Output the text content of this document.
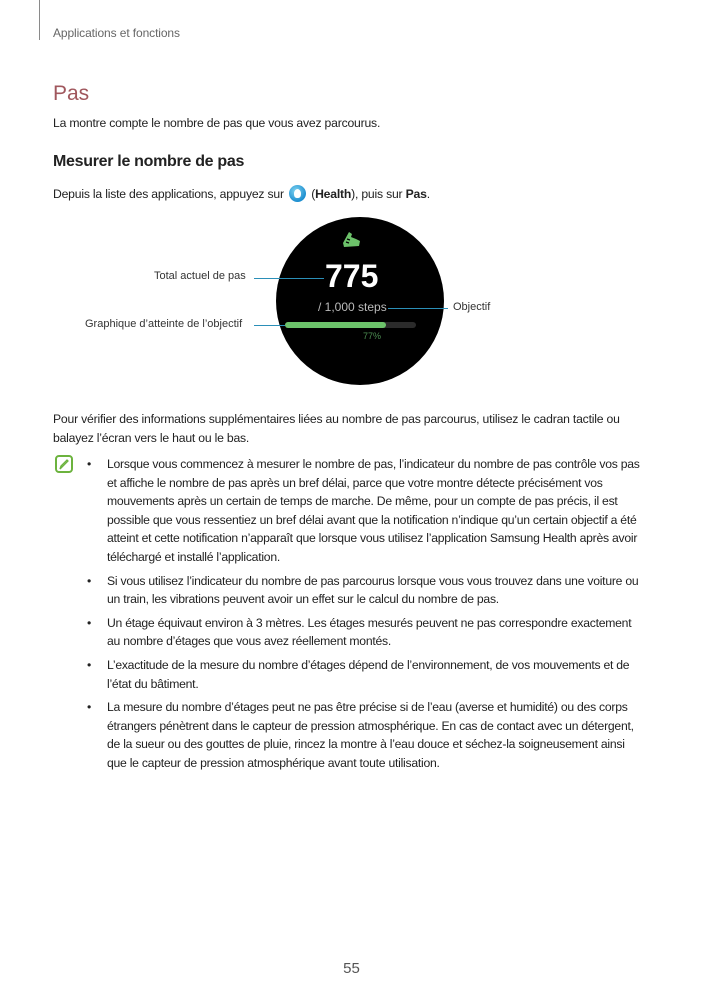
Applications et fonctions
Pas
La montre compte le nombre de pas que vous avez parcourus.
Mesurer le nombre de pas
Depuis la liste des applications, appuyez sur  (Health), puis sur Pas.
775
/ 1,000 steps
77%
Total actuel de pas
Graphique d’atteinte de l’objectif
Objectif
Pour vérifier des informations supplémentaires liées au nombre de pas parcourus, utilisez le cadran tactile ou balayez l’écran vers le haut ou le bas.
• Lorsque vous commencez à mesurer le nombre de pas, l’indicateur du nombre de pas contrôle vos pas et affiche le nombre de pas après un bref délai, parce que votre montre détecte précisément vos mouvements après un certain de temps de marche. De même, pour un compte de pas précis, il est possible que vous ressentiez un bref délai avant que la notification n’indique qu’un certain objectif a été atteint et cette notification n’apparaît que lorsque vous utilisez l’application Samsung Health après avoir téléchargé et installé l’application.
• Si vous utilisez l’indicateur du nombre de pas parcourus lorsque vous vous trouvez dans une voiture ou un train, les vibrations peuvent avoir un effet sur le calcul du nombre de pas.
• Un étage équivaut environ à 3 mètres. Les étages mesurés peuvent ne pas correspondre exactement au nombre d’étages que vous avez réellement montés.
• L’exactitude de la mesure du nombre d’étages dépend de l’environnement, de vos mouvements et de l’état du bâtiment.
• La mesure du nombre d’étages peut ne pas être précise si de l’eau (averse et humidité) ou des corps étrangers pénètrent dans le capteur de pression atmosphérique. En cas de contact avec un détergent, de la sueur ou des gouttes de pluie, rincez la montre à l’eau douce et séchez-la soigneusement ainsi que le capteur de pression atmosphérique avant toute utilisation.
55
